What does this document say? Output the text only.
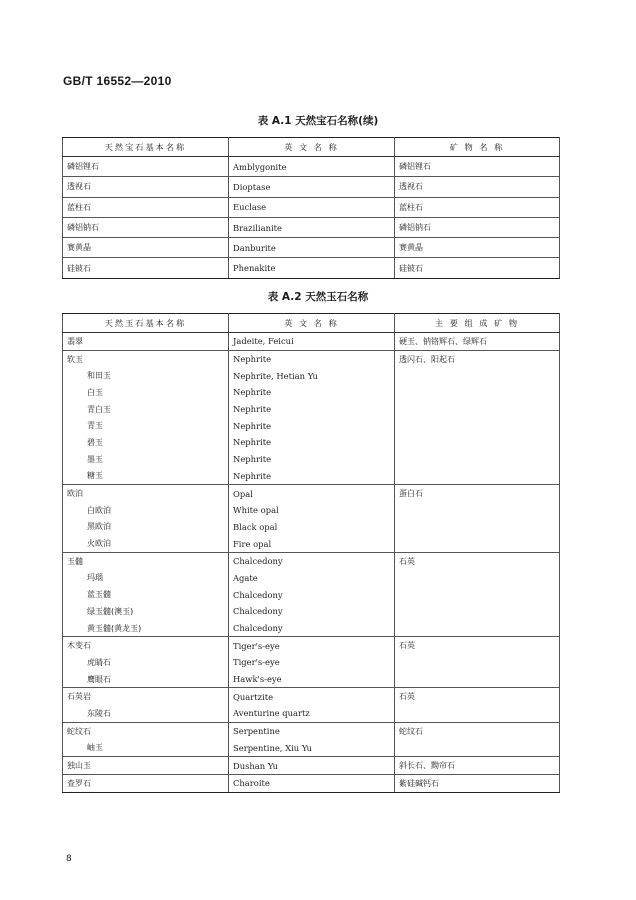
GB/T 16552—2010
表 A.1 天然宝石名称(续)
天然宝石基本名称	英 文 名 称	矿 物 名 称
磷铝锂石	Amblygonite	磷铝锂石
透视石	Dioptase	透视石
蓝柱石	Euclase	蓝柱石
磷铝钠石	Brazilianite	磷铝钠石
赛黄晶	Danburite	赛黄晶
硅铍石	Phenakite	硅铍石
表 A.2 天然玉石名称
天然玉石基本名称	英 文 名 称	主 要 组 成 矿 物
翡翠	Jadeite, Feicui	硬玉、钠铬辉石、绿辉石
软玉	Nephrite	透闪石、阳起石
和田玉	Nephrite, Hetian Yu	
白玉	Nephrite	
青白玉	Nephrite	
青玉	Nephrite	
碧玉	Nephrite	
墨玉	Nephrite	
糖玉	Nephrite	
欧泊	Opal	蛋白石
白欧泊	White opal	
黑欧泊	Black opal	
火欧泊	Fire opal	
玉髓	Chalcedony	石英
玛瑙	Agate	
蓝玉髓	Chalcedony	
绿玉髓(澳玉)	Chalcedony	
黄玉髓(黄龙玉)	Chalcedony	
木变石	Tiger's-eye	石英
虎睛石	Tiger's-eye	
鹰眼石	Hawk's-eye	
石英岩	Quartzite	石英
东陵石	Aventurine quartz	
蛇纹石	Serpentine	蛇纹石
岫玉	Serpentine, Xiu Yu	
独山玉	Dushan Yu	斜长石、黝帘石
查罗石	Charoite	紫硅碱钙石
8
